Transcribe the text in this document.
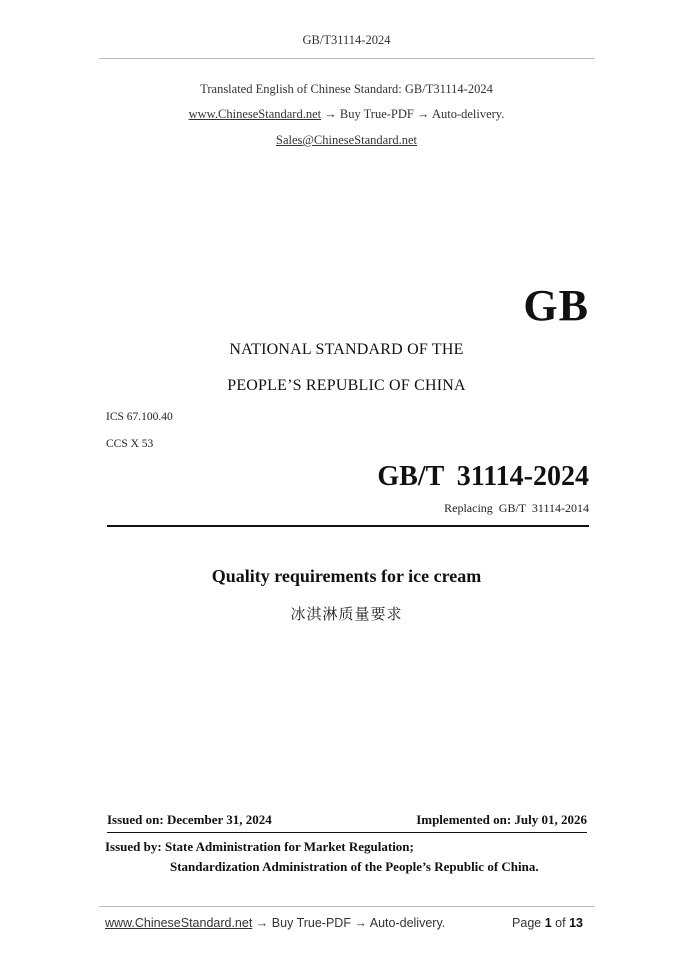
GB/T31114-2024
Translated English of Chinese Standard: GB/T31114-2024
www.ChineseStandard.net → Buy True-PDF → Auto-delivery.
Sales@ChineseStandard.net
GB
NATIONAL STANDARD OF THE
PEOPLE’S REPUBLIC OF CHINA
ICS 67.100.40
CCS X 53
GB/T 31114-2024
Replacing GB/T 31114-2014
Quality requirements for ice cream
冰淇淋质量要求
Issued on: December 31, 2024	Implemented on: July 01, 2026
Issued by: State Administration for Market Regulation;
Standardization Administration of the People’s Republic of China.
www.ChineseStandard.net → Buy True-PDF → Auto-delivery.	Page 1 of 13
